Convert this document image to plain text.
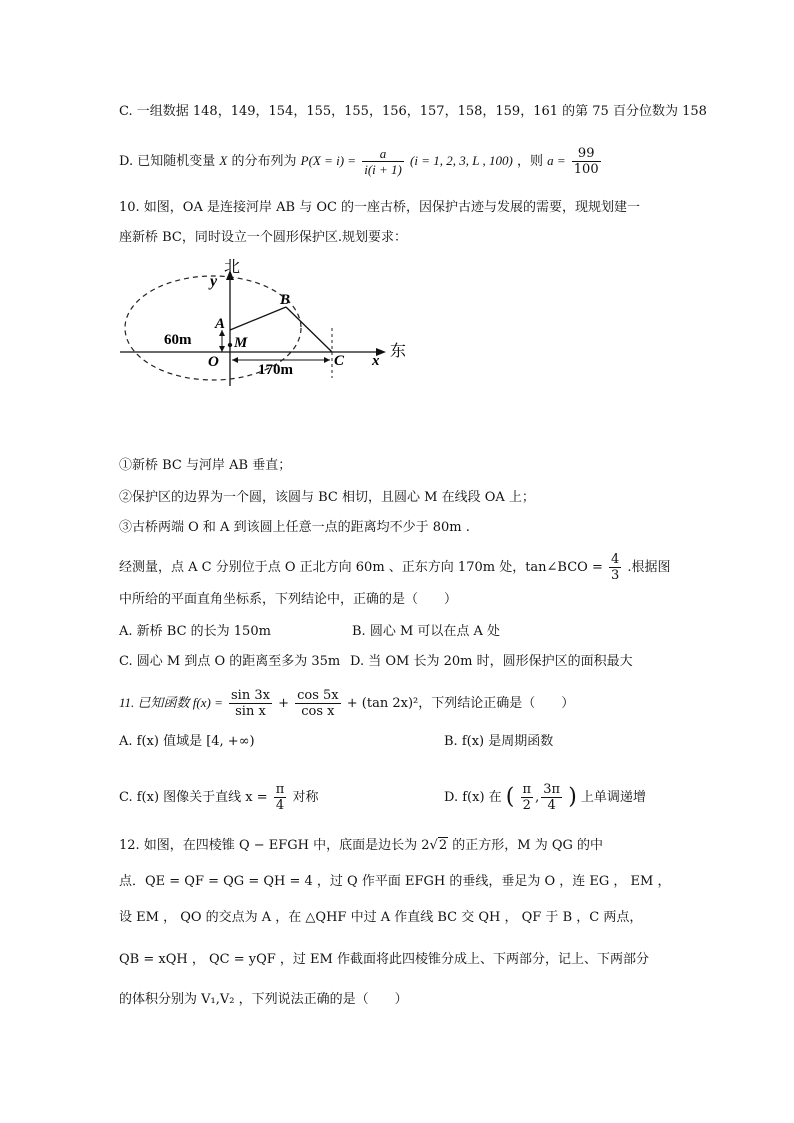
C. 一组数据 148，149，154，155，155，156，157，158，159，161 的第 75 百分位数为 158
D. 已知随机变量 X 的分布列为 $P(X = i) = \frac{a}{i(i + 1)} (i = 1$, 2, 3, L , 100) ，则 $a = \frac{99}{100}$
10. 如图，OA 是连接河岸 AB 与 OC 的一座古桥，因保护古迹与发展的需要，现规划建一
座新桥 BC，同时设立一个圆形保护区.规划要求：
北
y
B
A
M
O	C x
东
60m
170m
①新桥 BC 与河岸 AB 垂直；
②保护区的边界为一个圆，该圆与 BC 相切，且圆心 M 在线段 OA 上；
③古桥两端 O 和 A 到该圆上任意一点的距离均不少于 80m .
经测量，点 A C 分别位于点 O 正北方向 60m 、正东方向 170m 处，tan∠BCO = $\frac{4}{3}$ .根据图
中所给的平面直角坐标系，下列结论中，正确的是（　　）
A. 新桥 BC 的长为 150m	B. 圆心 M 可以在点 A 处
C. 圆心 M 到点 O 的距离至多为 35m D. 当 OM 长为 20m 时，圆形保护区的面积最大
11. 已知函数 $f(x) = \frac{\sin 3x}{\text{sin x}} + \frac{\cos 5x}{\text{cos x}} + (\tan$ 2x)²，下列结论正确是（　　）
A. f(x) 值域是 [4, +∞)	B. f(x) 是周期函数
C. f(x) 图像关于直线 $x = \frac{\pi}{4}$ 对称	D. f(x) 在 ( $\frac{\pi}{2}$ , $\frac{3\pi}{4}$ ) 上单调递增
12. 如图，在四棱锥 Q − EFGH 中，底面是边长为 2√2 的正方形，M 为 QG 的中
点．QE = QF = QG = QH = 4 ，过 Q 作平面 EFGH 的垂线，垂足为 O ，连 EG ， EM ，
设 EM ， QO 的交点为 A ，在 △QHF 中过 A 作直线 BC 交 QH ， QF 于 B ，C 两点，
QB = xQH ， QC = yQF ，过 EM 作截面将此四棱锥分成上、下两部分，记上、下两部分
的体积分别为 V₁,V₂ ，下列说法正确的是（　　）
